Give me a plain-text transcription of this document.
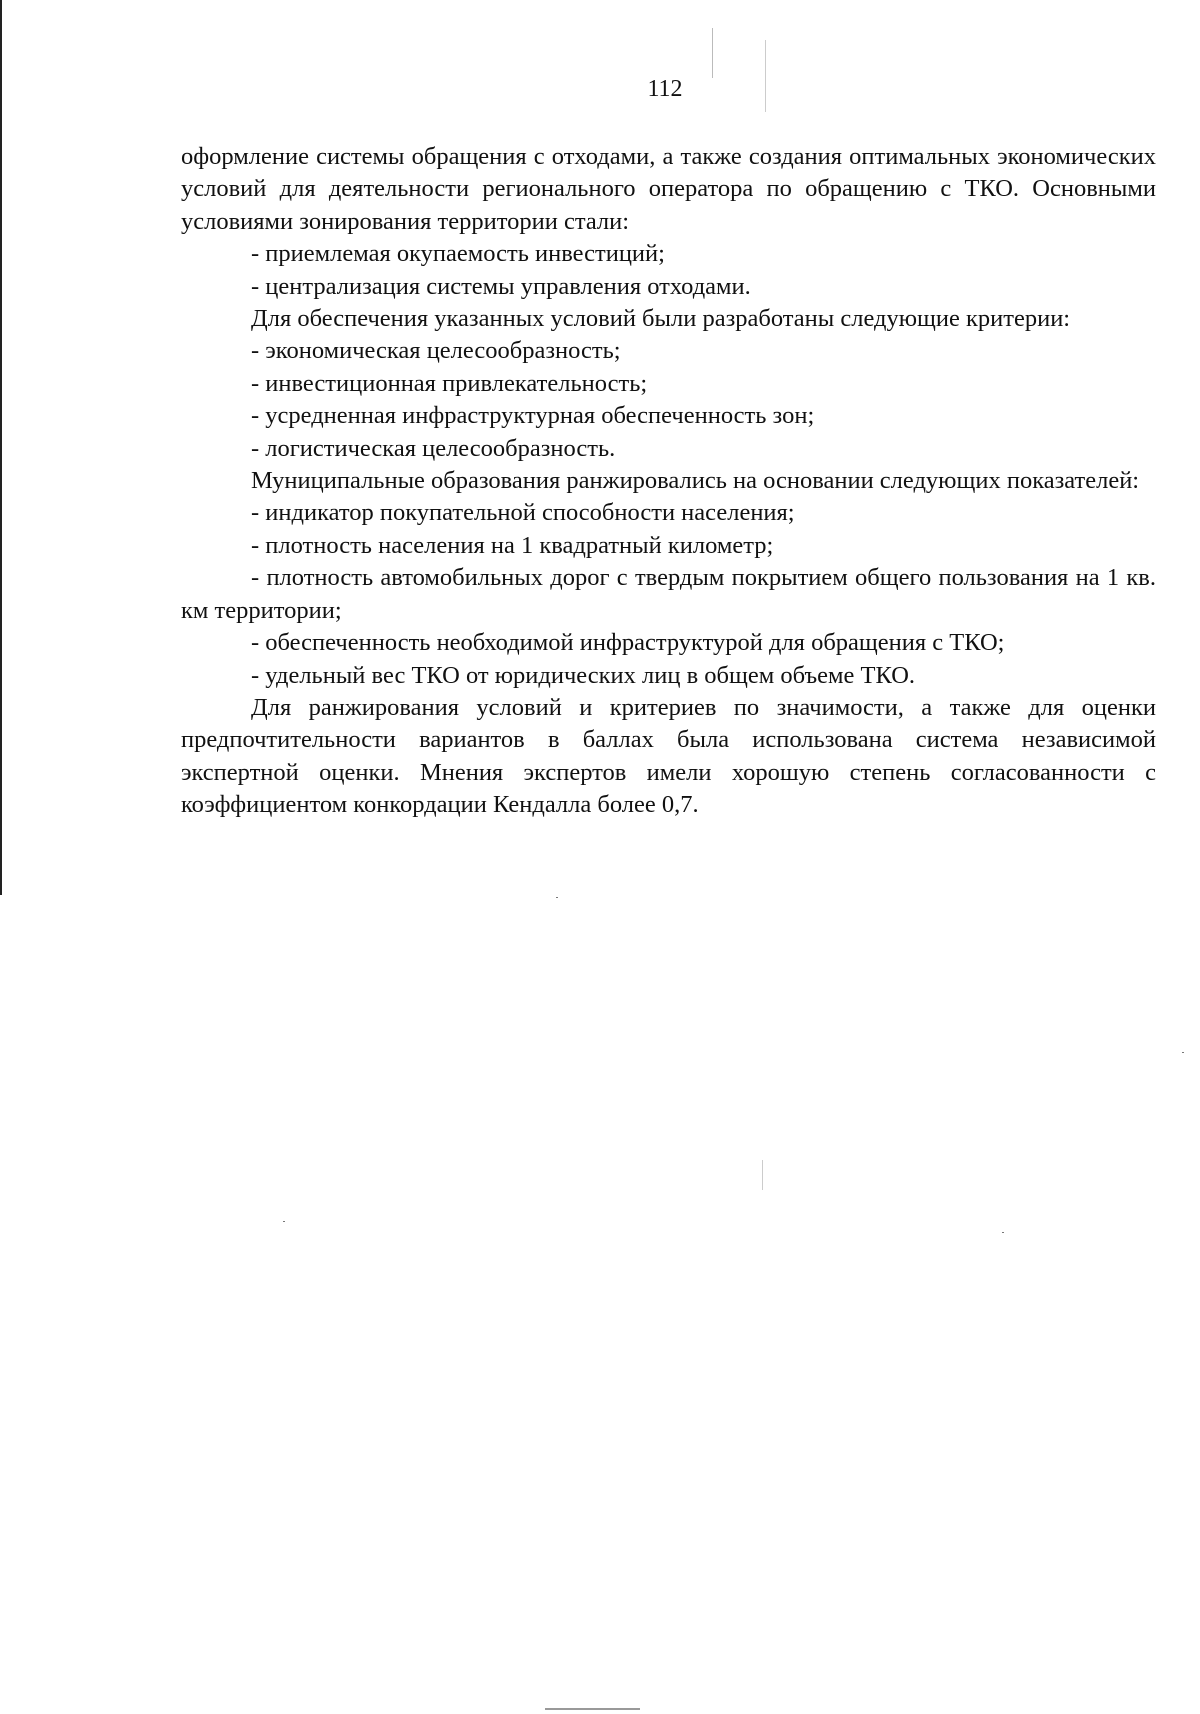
112

оформление системы обращения с отходами, а также создания оптимальных экономических условий для деятельности регионального оператора по обращению с ТКО. Основными условиями зонирования территории стали:

- приемлемая окупаемость инвестиций;

- централизация системы управления отходами.

Для обеспечения указанных условий были разработаны следующие критерии:

- экономическая целесообразность;

- инвестиционная привлекательность;

- усредненная инфраструктурная обеспеченность зон;

- логистическая целесообразность.

Муниципальные образования ранжировались на основании следующих показателей:

- индикатор покупательной способности населения;

- плотность населения на 1 квадратный километр;

- плотность автомобильных дорог с твердым покрытием общего пользования на 1 кв. км территории;

- обеспеченность необходимой инфраструктурой для обращения с ТКО;

- удельный вес ТКО от юридических лиц в общем объеме ТКО.

Для ранжирования условий и критериев по значимости, а также для оценки предпочтительности вариантов в баллах была использована система независимой экспертной оценки. Мнения экспертов имели хорошую степень согласованности с коэффициентом конкордации Кендалла более 0,7.
